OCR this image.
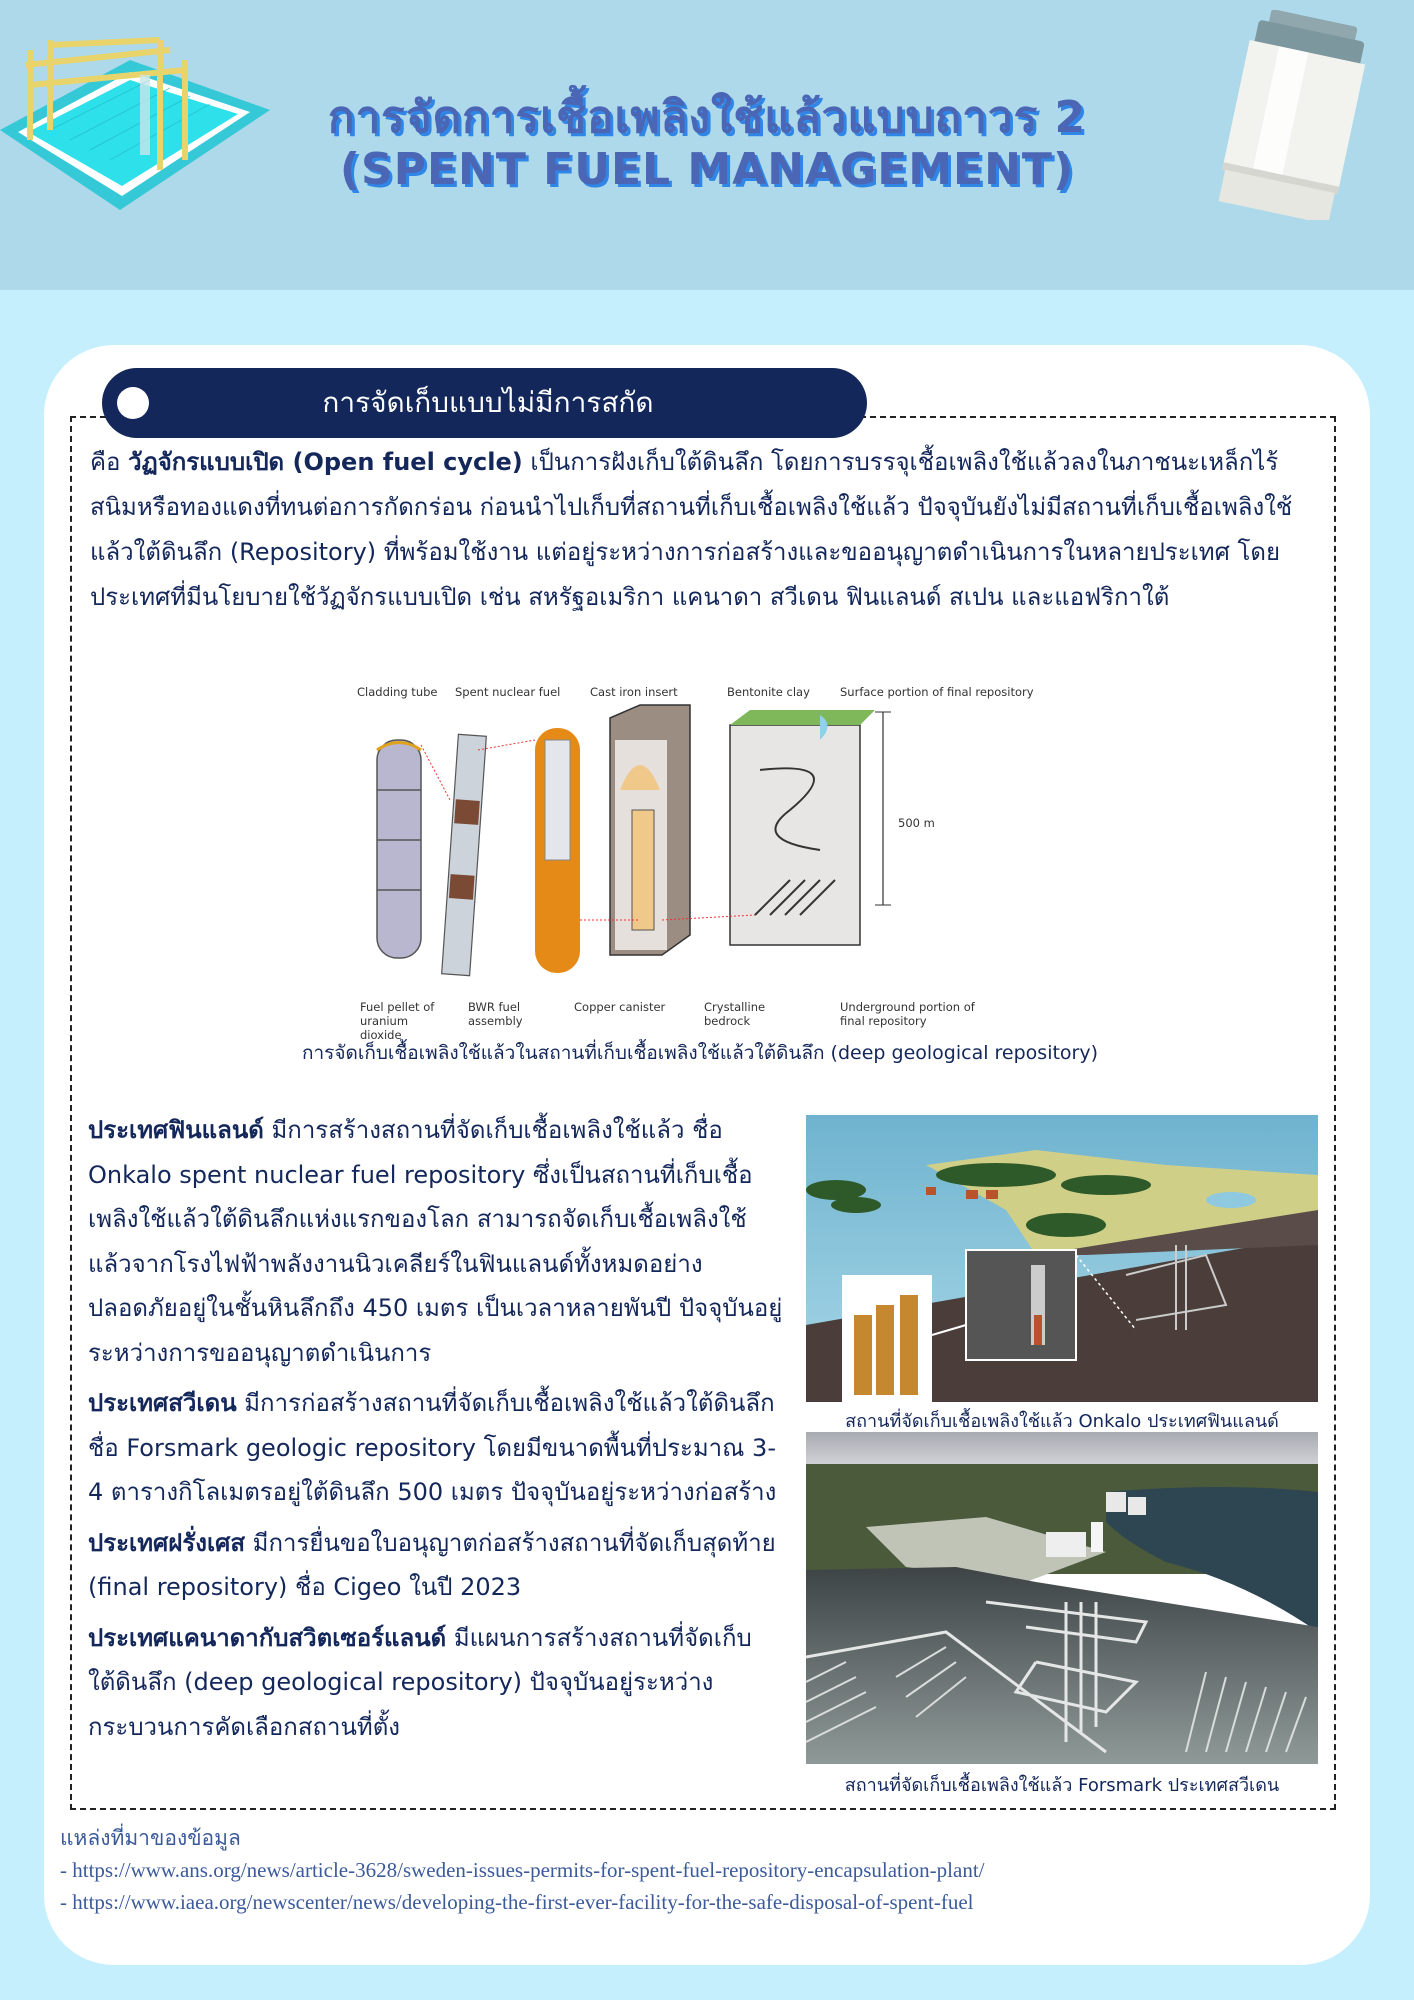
การจัดการเชื้อเพลิงใช้แล้วแบบถาวร 2
(SPENT FUEL MANAGEMENT)
การจัดเก็บแบบไม่มีการสกัด
คือ วัฏจักรแบบเปิด (Open fuel cycle) เป็นการฝังเก็บใต้ดินลึก โดยการบรรจุเชื้อเพลิงใช้แล้วลงในภาชนะเหล็กไร้สนิมหรือทองแดงที่ทนต่อการกัดกร่อน ก่อนนำไปเก็บที่สถานที่เก็บเชื้อเพลิงใช้แล้ว ปัจจุบันยังไม่มีสถานที่เก็บเชื้อเพลิงใช้แล้วใต้ดินลึก (Repository) ที่พร้อมใช้งาน แต่อยู่ระหว่างการก่อสร้างและขออนุญาตดำเนินการในหลายประเทศ โดยประเทศที่มีนโยบายใช้วัฏจักรแบบเปิด เช่น สหรัฐอเมริกา แคนาดา สวีเดน ฟินแลนด์ สเปน และแอฟริกาใต้
Cladding tube Spent nuclear fuel	Cast iron insert	Bentonite clay	Surface portion of final repository
500 m
Fuel pellet of uranium dioxide
BWR fuel assembly
Copper canister	Crystalline bedrock
Underground portion of final repository
การจัดเก็บเชื้อเพลิงใช้แล้วในสถานที่เก็บเชื้อเพลิงใช้แล้วใต้ดินลึก (deep geological repository)

ประเทศฟินแลนด์ มีการสร้างสถานที่จัดเก็บเชื้อเพลิงใช้แล้ว ชื่อ Onkalo spent nuclear fuel repository ซึ่งเป็นสถานที่เก็บเชื้อเพลิงใช้แล้วใต้ดินลึกแห่งแรกของโลก สามารถจัดเก็บเชื้อเพลิงใช้แล้วจากโรงไฟฟ้าพลังงานนิวเคลียร์ในฟินแลนด์ทั้งหมดอย่างปลอดภัยอยู่ในชั้นหินลึกถึง 450 เมตร เป็นเวลาหลายพันปี ปัจจุบันอยู่ระหว่างการขออนุญาตดำเนินการ

ประเทศสวีเดน มีการก่อสร้างสถานที่จัดเก็บเชื้อเพลิงใช้แล้วใต้ดินลึก ชื่อ Forsmark geologic repository โดยมีขนาดพื้นที่ประมาณ 3-4 ตารางกิโลเมตรอยู่ใต้ดินลึก 500 เมตร ปัจจุบันอยู่ระหว่างก่อสร้าง

ประเทศฝรั่งเศส มีการยื่นขอใบอนุญาตก่อสร้างสถานที่จัดเก็บสุดท้าย (final repository) ชื่อ Cigeo ในปี 2023

ประเทศแคนาดากับสวิตเซอร์แลนด์ มีแผนการสร้างสถานที่จัดเก็บใต้ดินลึก (deep geological repository) ปัจจุบันอยู่ระหว่างกระบวนการคัดเลือกสถานที่ตั้ง

สถานที่จัดเก็บเชื้อเพลิงใช้แล้ว Onkalo ประเทศฟินแลนด์
สถานที่จัดเก็บเชื้อเพลิงใช้แล้ว Forsmark ประเทศสวีเดน
แหล่งที่มาของข้อมูล
- https://www.ans.org/news/article-3628/sweden-issues-permits-for-spent-fuel-repository-encapsulation-plant/
- https://www.iaea.org/newscenter/news/developing-the-first-ever-facility-for-the-safe-disposal-of-spent-fuel
